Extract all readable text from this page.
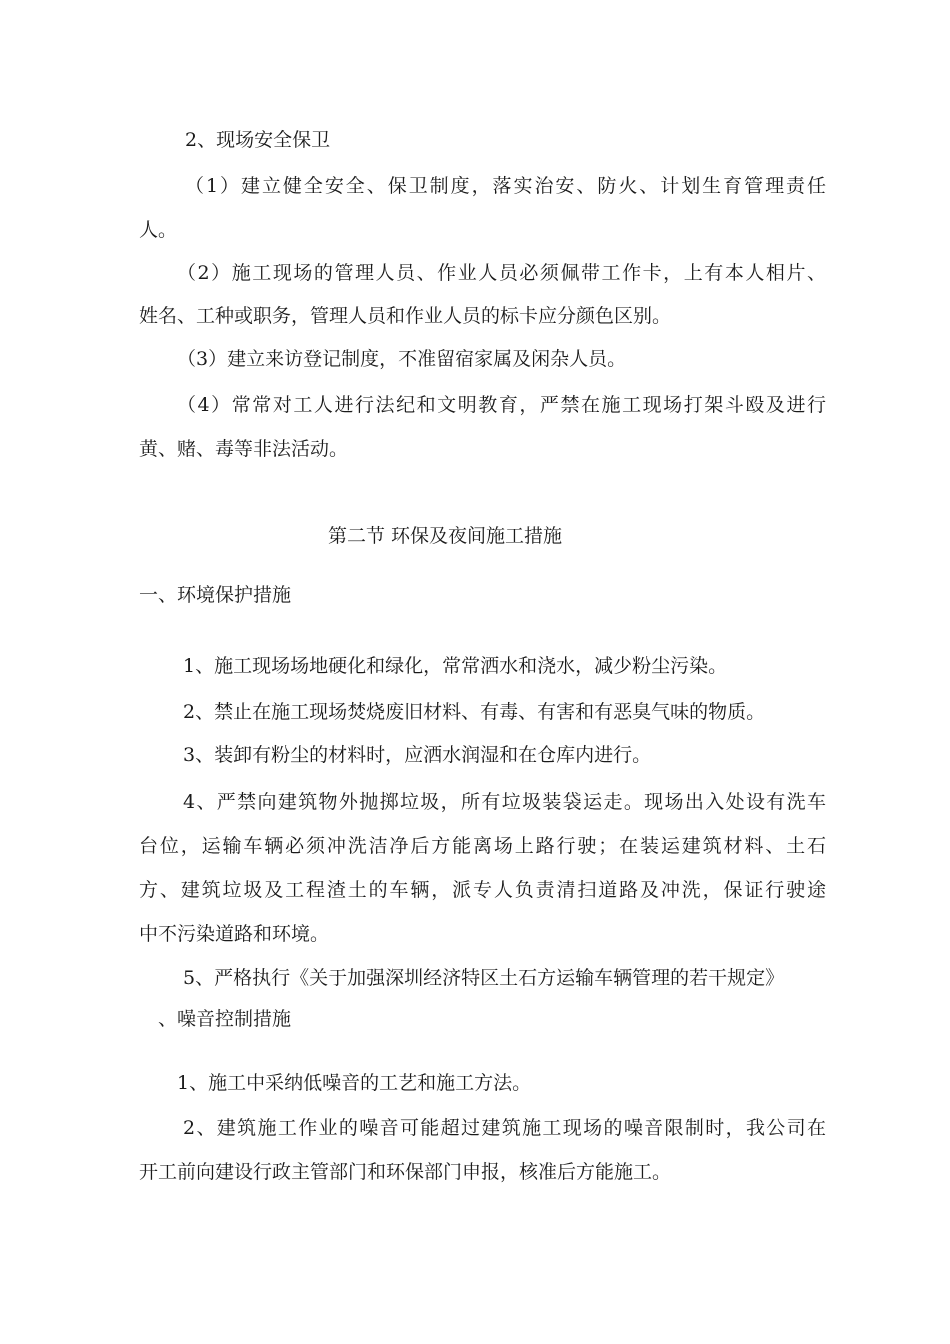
2、现场安全保卫
（1）建立健全安全、保卫制度，落实治安、防火、计划生育管理责任
人。
（2）施工现场的管理人员、作业人员必须佩带工作卡，上有本人相片、
姓名、工种或职务，管理人员和作业人员的标卡应分颜色区别。
（3）建立来访登记制度，不准留宿家属及闲杂人员。
（4）常常对工人进行法纪和文明教育，严禁在施工现场打架斗殴及进行
黄、赌、毒等非法活动。
第二节 环保及夜间施工措施
一、环境保护措施
1、施工现场场地硬化和绿化，常常洒水和浇水，减少粉尘污染。
2、禁止在施工现场焚烧废旧材料、有毒、有害和有恶臭气味的物质。
3、装卸有粉尘的材料时，应洒水润湿和在仓库内进行。
4、严禁向建筑物外抛掷垃圾，所有垃圾装袋运走。现场出入处设有洗车
台位，运输车辆必须冲洗洁净后方能离场上路行驶；在装运建筑材料、土石
方、建筑垃圾及工程渣土的车辆，派专人负责清扫道路及冲洗，保证行驶途
中不污染道路和环境。
5、严格执行《关于加强深圳经济特区土石方运输车辆管理的若干规定》
、噪音控制措施
1、施工中采纳低噪音的工艺和施工方法。
2、建筑施工作业的噪音可能超过建筑施工现场的噪音限制时，我公司在
开工前向建设行政主管部门和环保部门申报，核准后方能施工。
